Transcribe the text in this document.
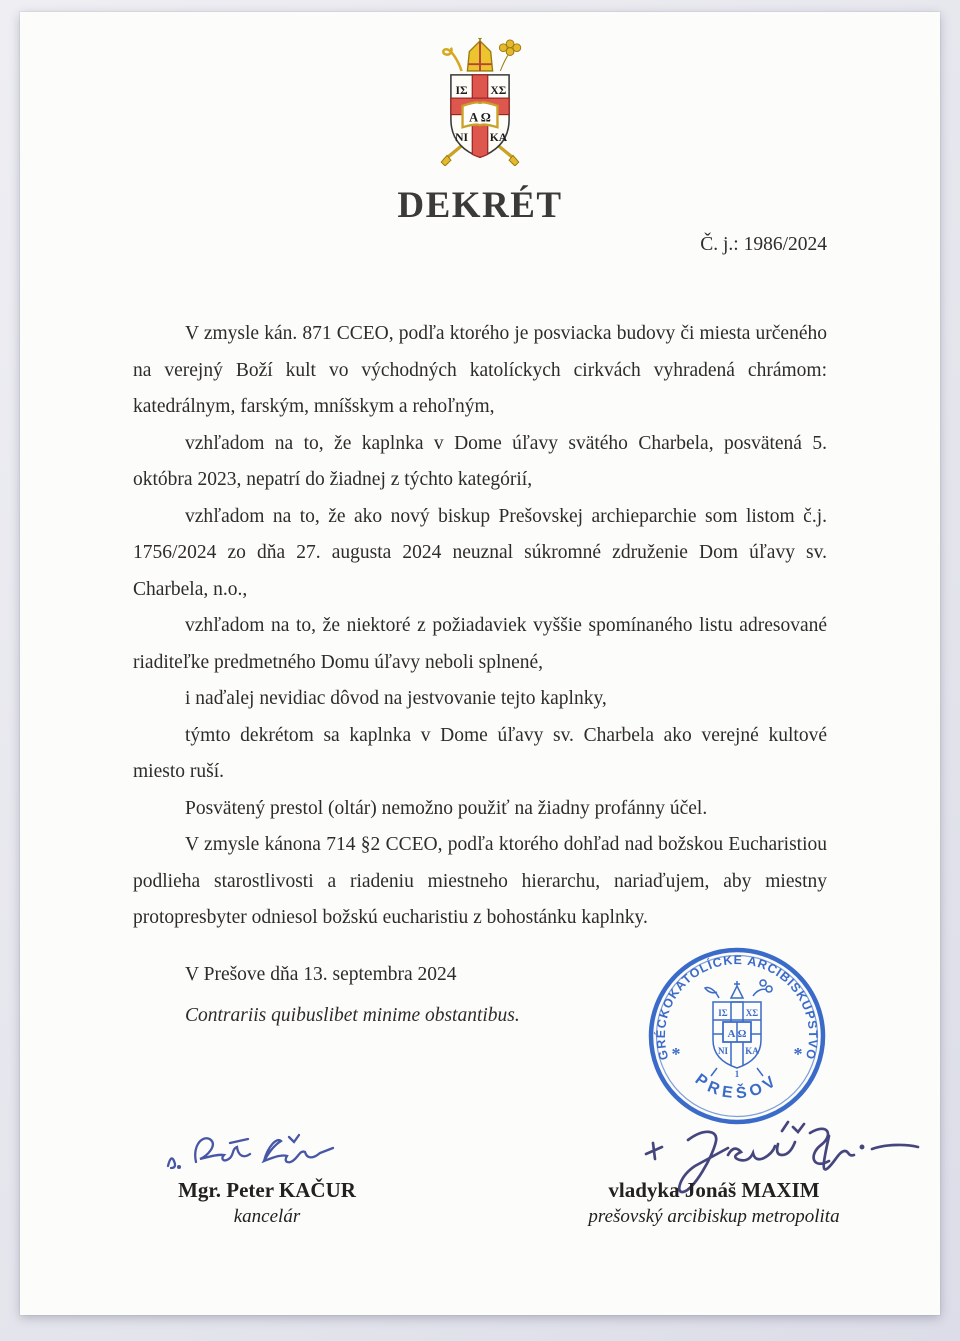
ΙΣ ΧΣ
ΝΙ ΚΑ
Α Ω
DEKRÉT
Č. j.: 1986/2024

V zmysle kán. 871 CCEO, podľa ktorého je posviacka budovy či miesta určeného na verejný Boží kult vo východných katolíckych cirkvách vyhradená chrámom: katedrálnym, farským, mníšskym a rehoľným,

vzhľadom na to, že kaplnka v Dome úľavy svätého Charbela, posvätená 5. októbra 2023, nepatrí do žiadnej z týchto kategórií,

vzhľadom na to, že ako nový biskup Prešovskej archieparchie som listom č.j. 1756/2024 zo dňa 27. augusta 2024 neuznal súkromné združenie Dom úľavy sv. Charbela, n.o.,

vzhľadom na to, že niektoré z požiadaviek vyššie spomínaného listu adresované riaditeľke predmetného Domu úľavy neboli splnené,

i naďalej nevidiac dôvod na jestvovanie tejto kaplnky,

týmto dekrétom sa kaplnka v Dome úľavy sv. Charbela ako verejné kultové miesto ruší.

Posvätený prestol (oltár) nemožno použiť na žiadny profánny účel.

V zmysle kánona 714 §2 CCEO, podľa ktorého dohľad nad božskou Eucharistiou podlieha starostlivosti a riadeniu miestneho hierarchu, nariaďujem, aby miestny protopresbyter odniesol božskú eucharistiu z bohostánku kaplnky.

V Prešove dňa 13. septembra 2024
Contrariis quibuslibet minime obstantibus.
GRÉCKOKATOLÍCKE ARCIBISKUPSTVO
PREŠOV
*	*
ΙΣ ΧΣ
ΝΙ ΚΑ
Α Ω
1
Mgr. Peter KAČUR
kancelár
vladyka Jonáš MAXIM
prešovský arcibiskup metropolita
